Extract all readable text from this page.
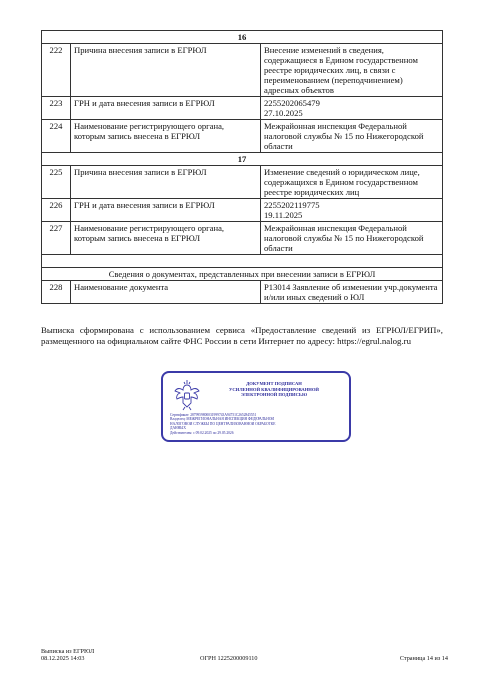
16		
222	Причина внесения записи в ЕГРЮЛ	Внесение изменений в сведения, содержащиеся в Едином государственном реестре юридических лиц, в связи с переименованием (переподчинением) адресных объектов
223	ГРН и дата внесения записи в ЕГРЮЛ	2255202065479
27.10.2025
224	Наименование регистрирующего органа, которым запись внесена в ЕГРЮЛ	Межрайонная инспекция Федеральной налоговой службы № 15 по Нижегородской области
17		
225	Причина внесения записи в ЕГРЮЛ	Изменение сведений о юридическом лице, содержащихся в Едином государственном реестре юридических лиц
226	ГРН и дата внесения записи в ЕГРЮЛ	2255202119775
19.11.2025
227	Наименование регистрирующего органа, которым запись внесена в ЕГРЮЛ	Межрайонная инспекция Федеральной налоговой службы № 15 по Нижегородской области

Сведения о документах, представленных при внесении записи в ЕГРЮЛ		
228	Наименование документа	Р13014 Заявление об изменении учр.документа и/или иных сведений о ЮЛ
Выписка сформирована с использованием сервиса «Предоставление сведений из ЕГРЮЛ/ЕГРИП», размещенного на официальном сайте ФНС России в сети Интернет по адресу: https://egrul.nalog.ru
ДОКУМЕНТ ПОДПИСАН
УСИЛЕННОЙ КВАЛИФИЦИРОВАННОЙ
ЭЛЕКТРОННОЙ ПОДПИСЬЮ
Сертификат: 2879959800031999743A94751C2652845551
Владелец: МЕЖРЕГИОНАЛЬНАЯ ИНСПЕКЦИЯ ФЕДЕРАЛЬНОЙ
НАЛОГОВОЙ СЛУЖБЫ ПО ЦЕНТРАЛИЗОВАННОЙ ОБРАБОТКЕ
ДАННЫХ
Действителен: с 09.02.2025 по 29.05.2026
Выписка из ЕГРЮЛ
08.12.2025 14:03	ОГРН 1225200009110	Страница 14 из 14
